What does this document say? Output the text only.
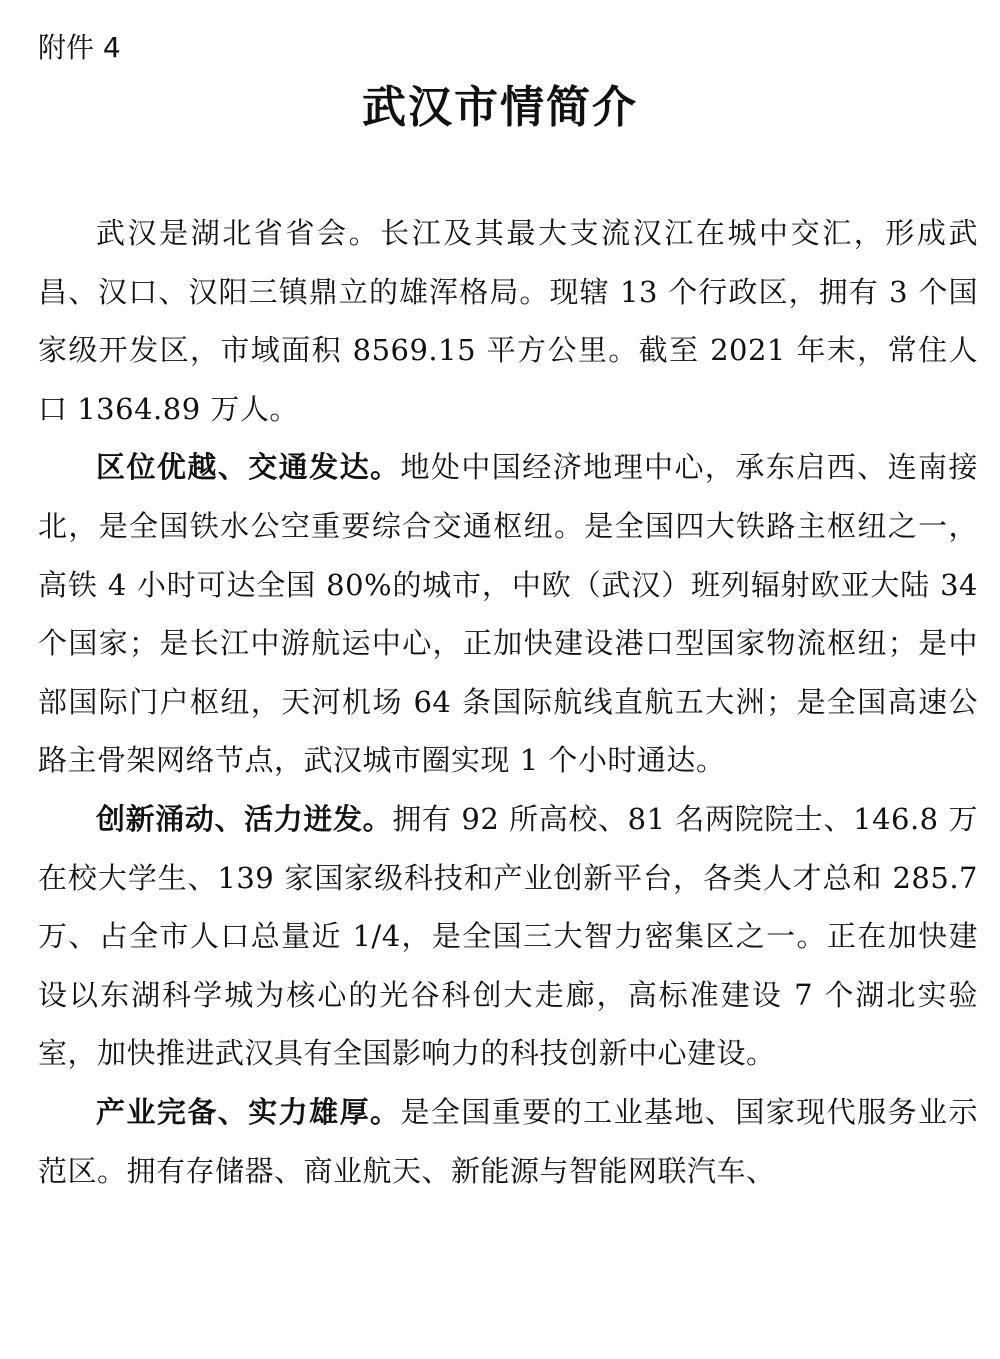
附件 4
武汉市情简介

武汉是湖北省省会。长江及其最大支流汉江在城中交汇，形成武昌、汉口、汉阳三镇鼎立的雄浑格局。现辖 13 个行政区，拥有 3 个国家级开发区，市域面积 8569.15 平方公里。截至 2021 年末，常住人口 1364.89 万人。

区位优越、交通发达。地处中国经济地理中心，承东启西、连南接北，是全国铁水公空重要综合交通枢纽。是全国四大铁路主枢纽之一，高铁 4 小时可达全国 80%的城市，中欧（武汉）班列辐射欧亚大陆 34 个国家；是长江中游航运中心，正加快建设港口型国家物流枢纽；是中部国际门户枢纽，天河机场 64 条国际航线直航五大洲；是全国高速公路主骨架网络节点，武汉城市圈实现 1 个小时通达。

创新涌动、活力迸发。拥有 92 所高校、81 名两院院士、146.8 万在校大学生、139 家国家级科技和产业创新平台，各类人才总和 285.7 万、占全市人口总量近 1/4，是全国三大智力密集区之一。正在加快建设以东湖科学城为核心的光谷科创大走廊，高标准建设 7 个湖北实验室，加快推进武汉具有全国影响力的科技创新中心建设。

产业完备、实力雄厚。是全国重要的工业基地、国家现代服务业示范区。拥有存储器、商业航天、新能源与智能网联汽车、
